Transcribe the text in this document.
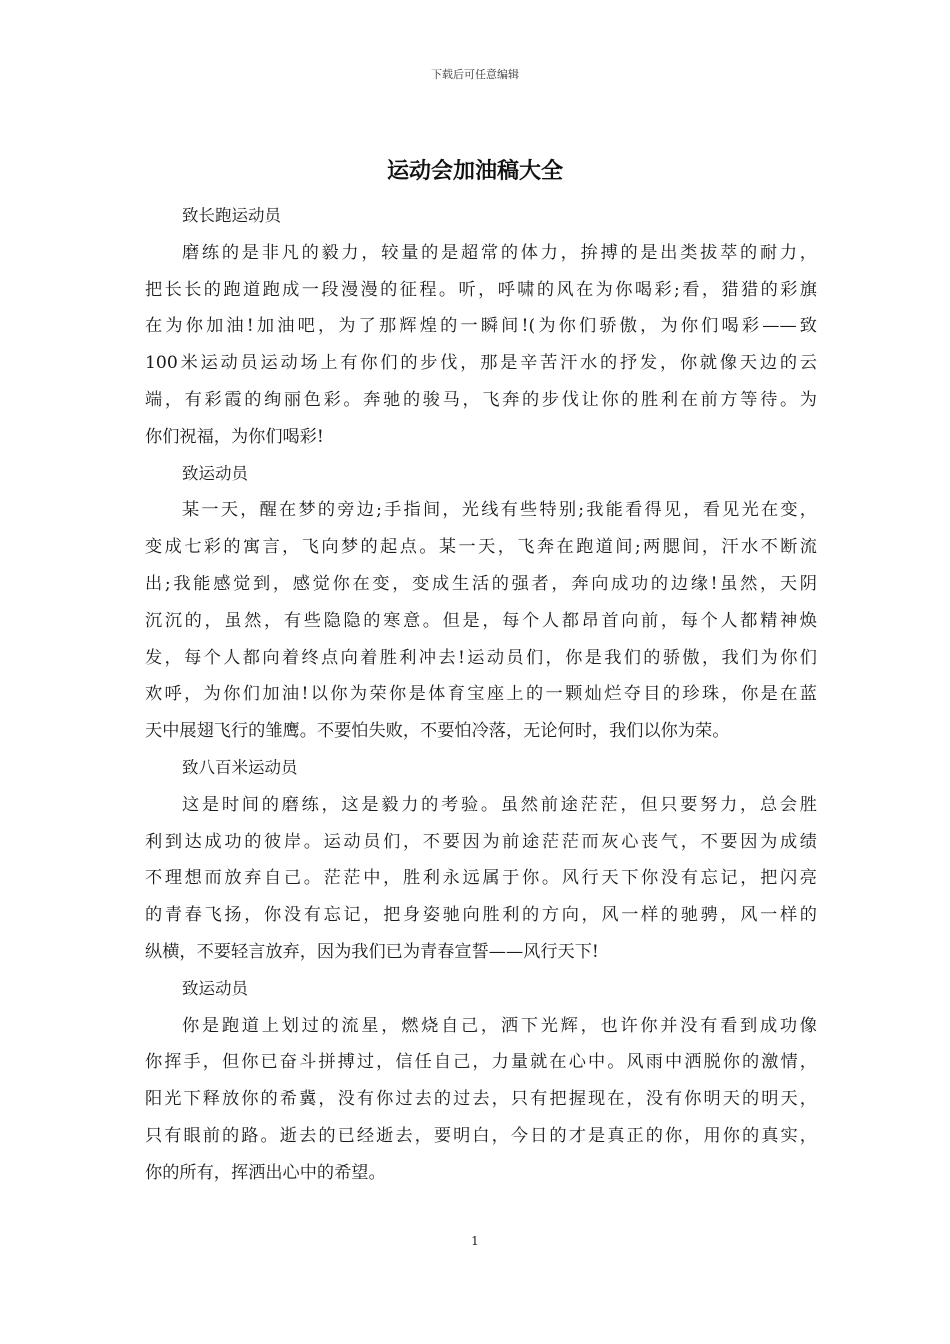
下载后可任意编辑
运动会加油稿大全
致长跑运动员
磨练的是非凡的毅力，较量的是超常的体力，拚搏的是出类拔萃的耐力，
把长长的跑道跑成一段漫漫的征程。听，呼啸的风在为你喝彩;看，猎猎的彩旗
在为你加油!加油吧，为了那辉煌的一瞬间!(为你们骄傲，为你们喝彩——致
100米运动员运动场上有你们的步伐，那是辛苦汗水的抒发，你就像天边的云
端，有彩霞的绚丽色彩。奔驰的骏马，飞奔的步伐让你的胜利在前方等待。为
你们祝福，为你们喝彩!
致运动员
某一天，醒在梦的旁边;手指间，光线有些特别;我能看得见，看见光在变，
变成七彩的寓言，飞向梦的起点。某一天，飞奔在跑道间;两腮间，汗水不断流
出;我能感觉到，感觉你在变，变成生活的强者，奔向成功的边缘!虽然，天阴
沉沉的，虽然，有些隐隐的寒意。但是，每个人都昂首向前，每个人都精神焕
发，每个人都向着终点向着胜利冲去!运动员们，你是我们的骄傲，我们为你们
欢呼，为你们加油!以你为荣你是体育宝座上的一颗灿烂夺目的珍珠，你是在蓝
天中展翅飞行的雏鹰。不要怕失败，不要怕冷落，无论何时，我们以你为荣。
致八百米运动员
这是时间的磨练，这是毅力的考验。虽然前途茫茫，但只要努力，总会胜
利到达成功的彼岸。运动员们，不要因为前途茫茫而灰心丧气，不要因为成绩
不理想而放弃自己。茫茫中，胜利永远属于你。风行天下你没有忘记，把闪亮
的青春飞扬，你没有忘记，把身姿驰向胜利的方向，风一样的驰骋，风一样的
纵横，不要轻言放弃，因为我们已为青春宣誓——风行天下!
致运动员
你是跑道上划过的流星，燃烧自己，洒下光辉，也许你并没有看到成功像
你挥手，但你已奋斗拼搏过，信任自己，力量就在心中。风雨中洒脱你的激情，
阳光下释放你的希冀，没有你过去的过去，只有把握现在，没有你明天的明天，
只有眼前的路。逝去的已经逝去，要明白，今日的才是真正的你，用你的真实，
你的所有，挥洒出心中的希望。
1
